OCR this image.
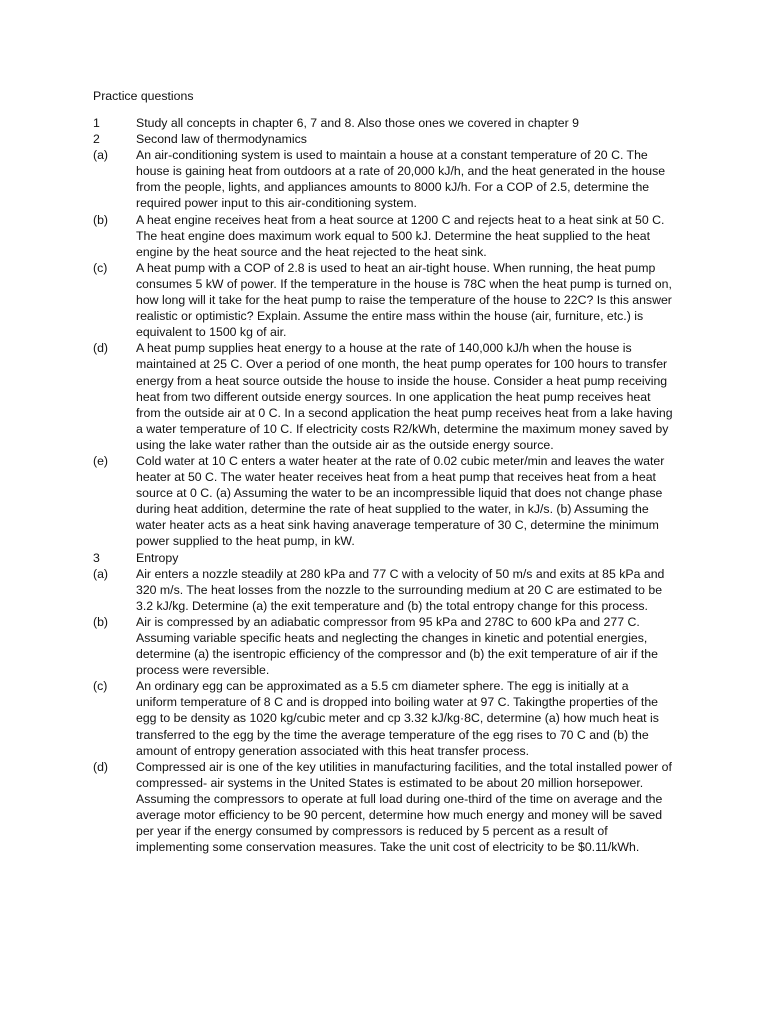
Practice questions
1	Study all concepts in chapter 6, 7 and 8. Also those ones we covered in chapter 9
2	Second law of thermodynamics
(a)	An air-conditioning system is used to maintain a house at a constant temperature of 20 C. The house is gaining heat from outdoors at a rate of 20,000 kJ/h, and the heat generated in the house from the people, lights, and appliances amounts to 8000 kJ/h. For a COP of 2.5, determine the required power input to this air-conditioning system.
(b)	A heat engine receives heat from a heat source at 1200 C and rejects heat to a heat sink at 50 C. The heat engine does maximum work equal to 500 kJ. Determine the heat supplied to the heat engine by the heat source and the heat rejected to the heat sink.
(c)	A heat pump with a COP of 2.8 is used to heat an air-tight house. When running, the heat pump consumes 5 kW of power. If the temperature in the house is 78C when the heat pump is turned on, how long will it take for the heat pump to raise the temperature of the house to 22C? Is this answer realistic or optimistic? Explain. Assume the entire mass within the house (air, furniture, etc.) is equivalent to 1500 kg of air.
(d)	A heat pump supplies heat energy to a house at the rate of 140,000 kJ/h when the house is maintained at 25 C. Over a period of one month, the heat pump operates for 100 hours to transfer energy from a heat source outside the house to inside the house. Consider a heat pump receiving heat from two different outside energy sources. In one application the heat pump receives heat from the outside air at 0 C. In a second application the heat pump receives heat from a lake having a water temperature of 10 C. If electricity costs R2/kWh, determine the maximum money saved by using the lake water rather than the outside air as the outside energy source.
(e)	Cold water at 10 C enters a water heater at the rate of 0.02 cubic meter/min and leaves the water heater at 50 C. The water heater receives heat from a heat pump that receives heat from a heat source at 0 C. (a) Assuming the water to be an incompressible liquid that does not change phase during heat addition, determine the rate of heat supplied to the water, in kJ/s. (b) Assuming the water heater acts as a heat sink having anaverage temperature of 30 C, determine the minimum power supplied to the heat pump, in kW.
3	Entropy
(a)	Air enters a nozzle steadily at 280 kPa and 77 C with a velocity of 50 m/s and exits at 85 kPa and 320 m/s. The heat losses from the nozzle to the surrounding medium at 20 C are estimated to be 3.2 kJ/kg. Determine (a) the exit temperature and (b) the total entropy change for this process.
(b)	Air is compressed by an adiabatic compressor from 95 kPa and 278C to 600 kPa and 277 C. Assuming variable specific heats and neglecting the changes in kinetic and potential energies, determine (a) the isentropic efficiency of the compressor and (b) the exit temperature of air if the process were reversible.
(c)	An ordinary egg can be approximated as a 5.5 cm diameter sphere. The egg is initially at a uniform temperature of 8 C and is dropped into boiling water at 97 C. Takingthe properties of the egg to be density as 1020 kg/cubic meter and cp 3.32 kJ/kg·8C, determine (a) how much heat is transferred to the egg by the time the average temperature of the egg rises to 70 C and (b) the amount of entropy generation associated with this heat transfer process.
(d)	Compressed air is one of the key utilities in manufacturing facilities, and the total installed power of compressed- air systems in the United States is estimated to be about 20 million horsepower. Assuming the compressors to operate at full load during one-third of the time on average and the average motor efficiency to be 90 percent, determine how much energy and money will be saved per year if the energy consumed by compressors is reduced by 5 percent as a result of implementing some conservation measures. Take the unit cost of electricity to be $0.11/kWh.
